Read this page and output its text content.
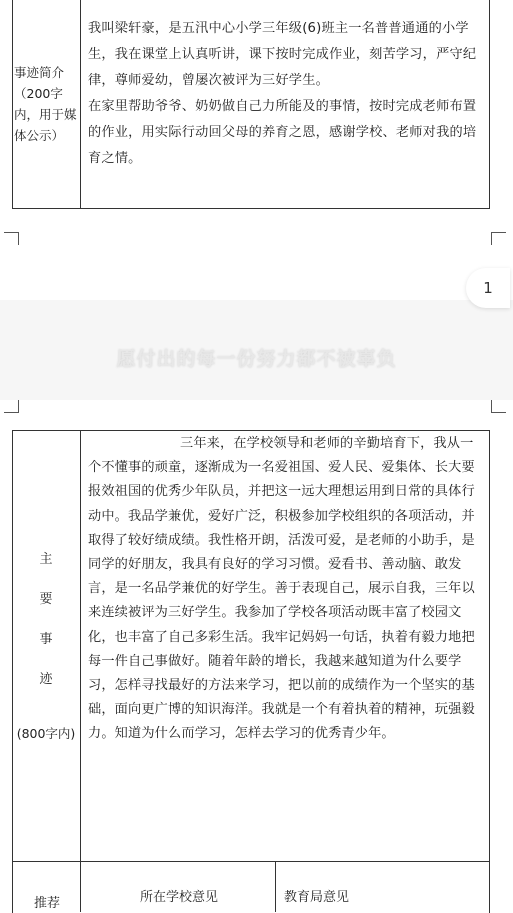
事迹简介（200字内，用于媒体公示）

我叫梁轩豪，是五汛中心小学三年级(6)班主一名普普通通的小学生，我在课堂上认真听讲，课下按时完成作业，刻苦学习，严守纪律，尊师爱幼，曾屡次被评为三好学生。

在家里帮助爷爷、奶奶做自己力所能及的事情，按时完成老师布置的作业，用实际行动回父母的养育之恩，感谢学校、老师对我的培育之情。

1
愿付出的每一份努力都不被辜负
主
要
事
迹
(800字内)
三年来，在学校领导和老师的辛勤培育下，我从一个不懂事的顽童，逐渐成为一名爱祖国、爱人民、爱集体、长大要报效祖国的优秀少年队员，并把这一远大理想运用到日常的具体行动中。我品学兼优，爱好广泛，积极参加学校组织的各项活动，并取得了较好绩成绩。我性格开朗，活泼可爱，是老师的小助手，是同学的好朋友，我具有良好的学习习惯。爱看书、善动脑、敢发言，是一名品学兼优的好学生。善于表现自己，展示自我，三年以来连续被评为三好学生。我参加了学校各项活动既丰富了校园文化，也丰富了自己多彩生活。我牢记妈妈一句话，执着有毅力地把每一件自己事做好。随着年龄的增长，我越来越知道为什么要学习，怎样寻找最好的方法来学习，把以前的成绩作为一个坚实的基础，面向更广博的知识海洋。我就是一个有着执着的精神，玩强毅力。知道为什么而学习，怎样去学习的优秀青少年。
推荐	所在学校意见	教育局意见
